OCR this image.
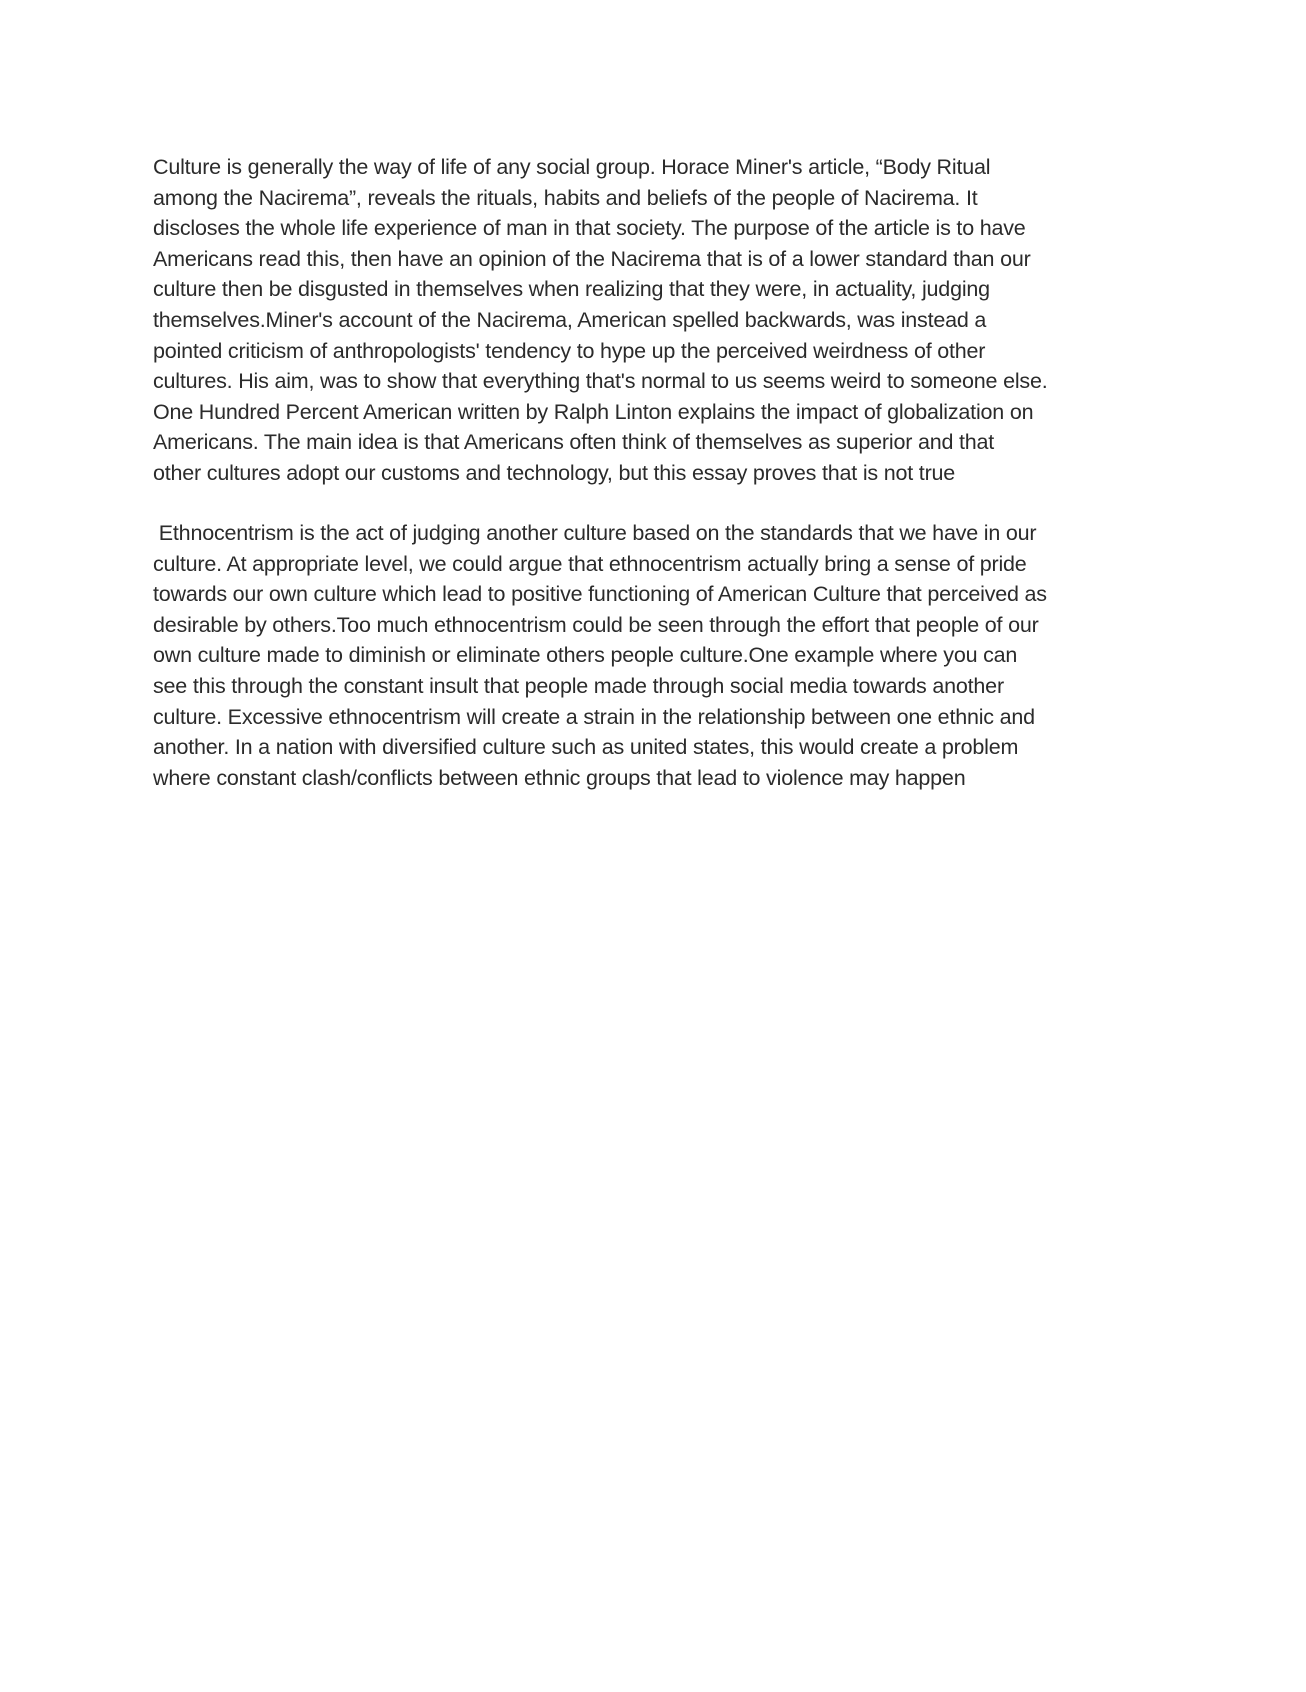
Culture is generally the way of life of any social group. Horace Miner's article, “Body Ritual
among the Nacirema”, reveals the rituals, habits and beliefs of the people of Nacirema. It
discloses the whole life experience of man in that society. The purpose of the article is to have
Americans read this, then have an opinion of the Nacirema that is of a lower standard than our
culture then be disgusted in themselves when realizing that they were, in actuality, judging
themselves.Miner's account of the Nacirema, American spelled backwards, was instead a
pointed criticism of anthropologists' tendency to hype up the perceived weirdness of other
cultures. His aim, was to show that everything that's normal to us seems weird to someone else.
One Hundred Percent American written by Ralph Linton explains the impact of globalization on
Americans. The main idea is that Americans often think of themselves as superior and that
other cultures adopt our customs and technology, but this essay proves that is not true

Ethnocentrism is the act of judging another culture based on the standards that we have in our
culture. At appropriate level, we could argue that ethnocentrism actually bring a sense of pride
towards our own culture which lead to positive functioning of American Culture that perceived as
desirable by others.Too much ethnocentrism could be seen through the effort that people of our
own culture made to diminish or eliminate others people culture.One example where you can
see this through the constant insult that people made through social media towards another
culture. Excessive ethnocentrism will create a strain in the relationship between one ethnic and
another. In a nation with diversified culture such as united states, this would create a problem
where constant clash/conflicts between ethnic groups that lead to violence may happen
